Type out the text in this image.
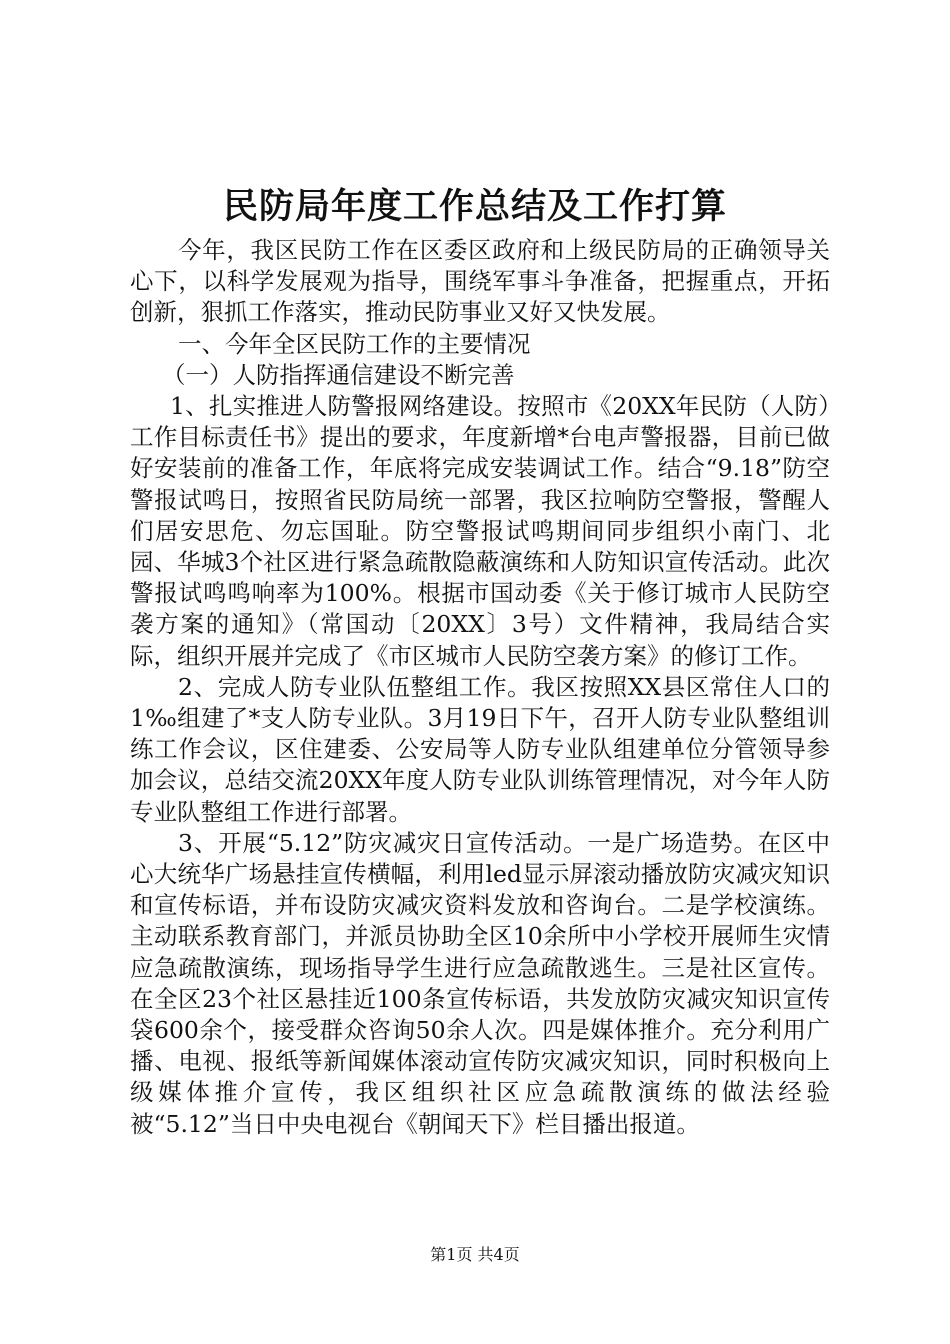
民防局年度工作总结及工作打算

今年，我区民防工作在区委区政府和上级民防局的正确领导关心下，以科学发展观为指导，围绕军事斗争准备，把握重点，开拓创新，狠抓工作落实，推动民防事业又好又快发展。

一、今年全区民防工作的主要情况

（一）人防指挥通信建设不断完善

1、扎实推进人防警报网络建设。按照市《20XX年民防（人防）工作目标责任书》提出的要求，年度新增*台电声警报器，目前已做好安装前的准备工作，年底将完成安装调试工作。结合“9.18”防空警报试鸣日，按照省民防局统一部署，我区拉响防空警报，警醒人们居安思危、勿忘国耻。防空警报试鸣期间同步组织小南门、北园、华城3个社区进行紧急疏散隐蔽演练和人防知识宣传活动。此次警报试鸣鸣响率为100%。根据市国动委《关于修订城市人民防空袭方案的通知》（常国动〔20XX〕3号）文件精神，我局结合实际，组织开展并完成了《市区城市人民防空袭方案》的修订工作。

2、完成人防专业队伍整组工作。我区按照XX县区常住人口的1‰组建了*支人防专业队。3月19日下午，召开人防专业队整组训练工作会议，区住建委、公安局等人防专业队组建单位分管领导参加会议，总结交流20XX年度人防专业队训练管理情况，对今年人防专业队整组工作进行部署。

3、开展“5.12”防灾减灾日宣传活动。一是广场造势。在区中心大统华广场悬挂宣传横幅，利用led显示屏滚动播放防灾减灾知识和宣传标语，并布设防灾减灾资料发放和咨询台。二是学校演练。主动联系教育部门，并派员协助全区10余所中小学校开展师生灾情应急疏散演练，现场指导学生进行应急疏散逃生。三是社区宣传。在全区23个社区悬挂近100条宣传标语，共发放防灾减灾知识宣传袋600余个，接受群众咨询50余人次。四是媒体推介。充分利用广播、电视、报纸等新闻媒体滚动宣传防灾减灾知识，同时积极向上级媒体推介宣传，我区组织社区应急疏散演练的做法经验被“5.12”当日中央电视台《朝闻天下》栏目播出报道。

第1页 共4页
